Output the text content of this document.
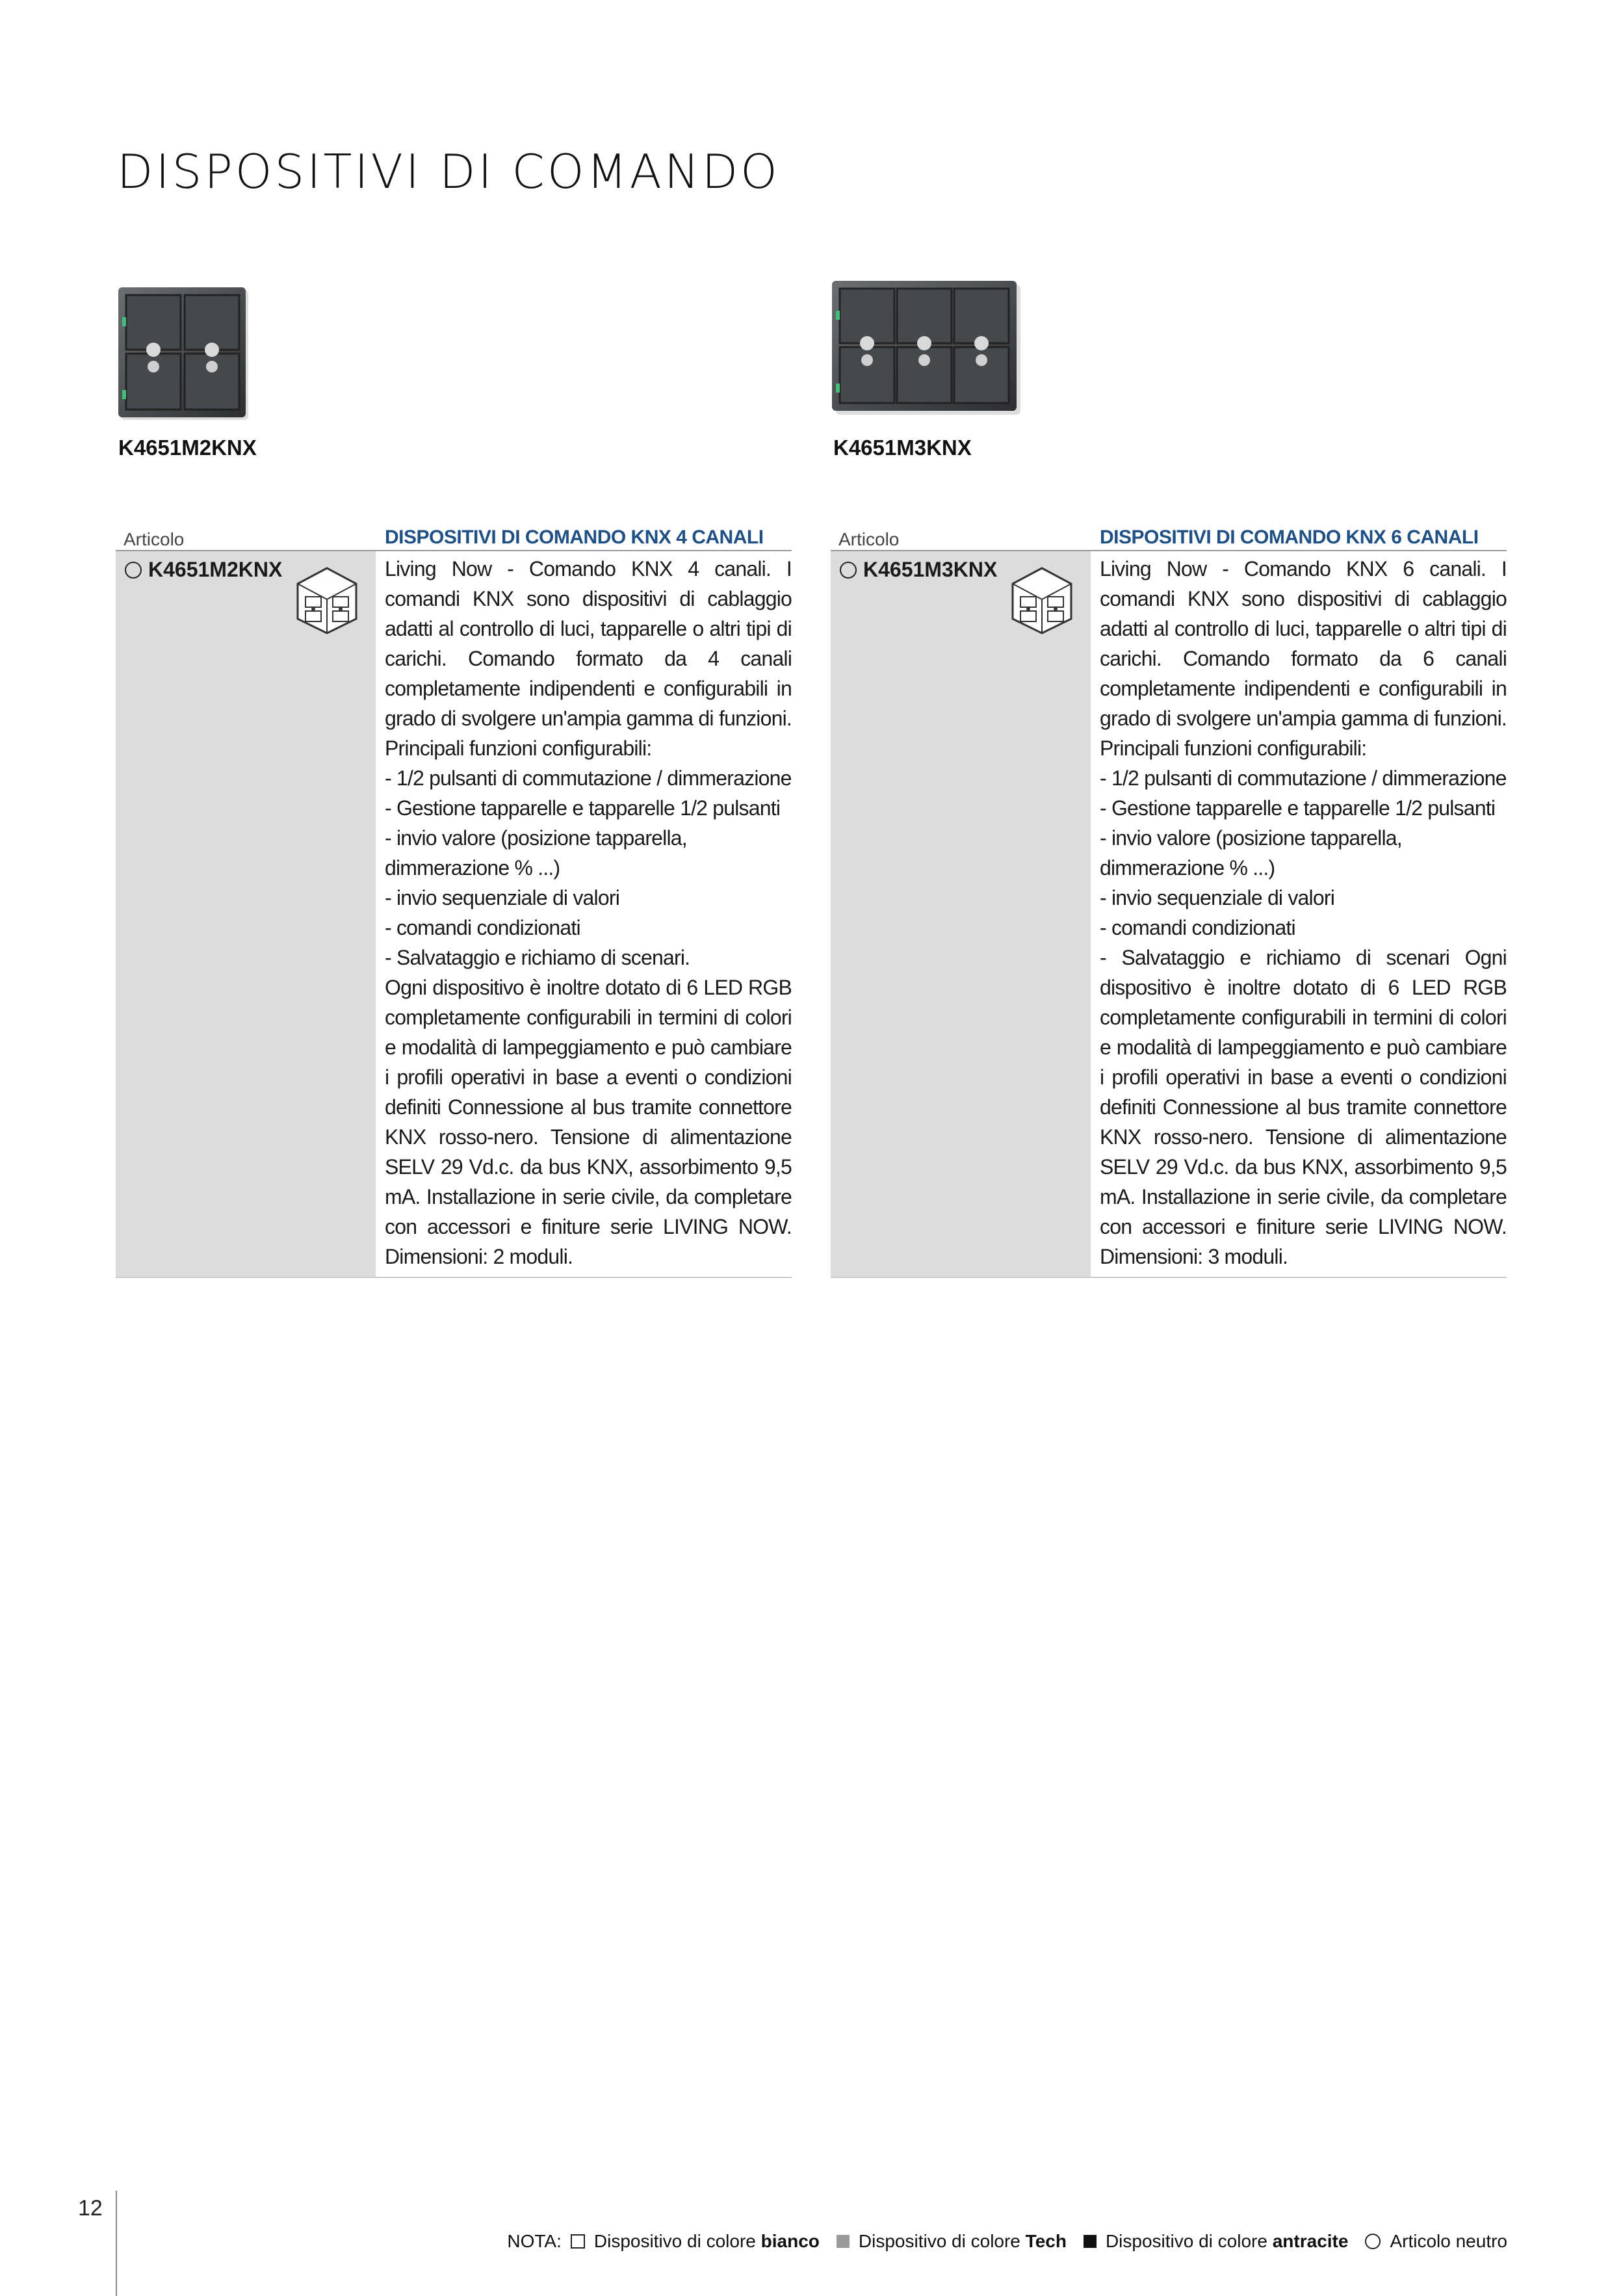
DISPOSITIVI DI COMANDO
K4651M2KNX	K4651M3KNX
Articolo	DISPOSITIVI DI COMANDO KNX 4 CANALI
K4651M2KNX	Living Now - Comando KNX 4 canali. I comandi KNX sono dispositivi di cablaggio adatti al controllo di luci, tapparelle o altri tipi di carichi. Comando formato da 4 canali completamente indipendenti e configurabili in grado di svolgere un'ampia gamma di funzioni. Principali funzioni configurabili:

- 1/2 pulsanti di commutazione / dimmerazione

- Gestione tapparelle e tapparelle 1/2 pulsanti

- invio valore (posizione tapparella, dimmerazione % ...)

- invio sequenziale di valori

- comandi condizionati

- Salvataggio e richiamo di scenari.

Ogni dispositivo è inoltre dotato di 6 LED RGB completamente configurabili in termini di colori e modalità di lampeggiamento e può cambiare i profili operativi in base a eventi o condizioni definiti Connessione al bus tramite connettore KNX rosso-nero. Tensione di alimentazione SELV 29 Vd.c. da bus KNX, assorbimento 9,5 mA. Installazione in serie civile, da completare con accessori e finiture serie LIVING NOW. Dimensioni: 2 moduli.

Articolo	DISPOSITIVI DI COMANDO KNX 6 CANALI
K4651M3KNX	Living Now - Comando KNX 6 canali. I comandi KNX sono dispositivi di cablaggio adatti al controllo di luci, tapparelle o altri tipi di carichi. Comando formato da 6 canali completamente indipendenti e configurabili in grado di svolgere un'ampia gamma di funzioni. Principali funzioni configurabili:

- 1/2 pulsanti di commutazione / dimmerazione

- Gestione tapparelle e tapparelle 1/2 pulsanti

- invio valore (posizione tapparella, dimmerazione % ...)

- invio sequenziale di valori

- comandi condizionati

- Salvataggio e richiamo di scenari Ogni dispositivo è inoltre dotato di 6 LED RGB completamente configurabili in termini di colori e modalità di lampeggiamento e può cambiare i profili operativi in base a eventi o condizioni definiti Connessione al bus tramite connettore KNX rosso-nero. Tensione di alimentazione SELV 29 Vd.c. da bus KNX, assorbimento 9,5 mA. Installazione in serie civile, da completare con accessori e finiture serie LIVING NOW. Dimensioni: 3 moduli.

12
NOTA: Dispositivo di colore bianco Dispositivo di colore Tech Dispositivo di colore antracite Articolo neutro
